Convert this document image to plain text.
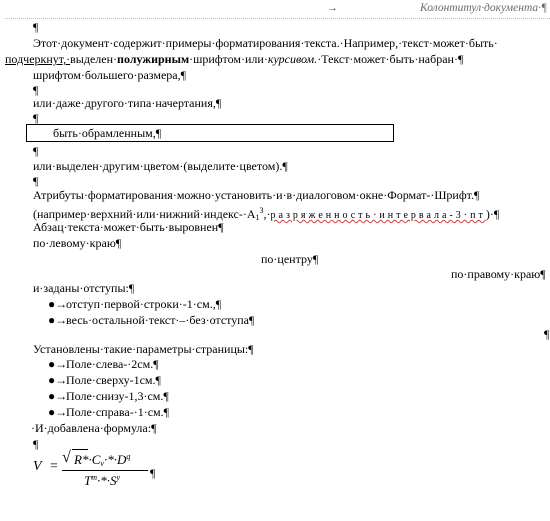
→	Колонтитул·документа·¶
¶
Этот·документ·содержит·примеры·форматирования·текста.·Например,·текст·может·быть·
подчеркнут,·выделен·полужирным·шрифтом·или·курсивом.·Текст·может·быть·набран·¶
шрифтом·большего·размера,¶
¶
или·даже·другого·типа·начертания,¶
¶
быть·обрамленным,¶
¶
или·выделен·другим·цветом·(выделите·цветом).¶
¶
Атрибуты·форматирования·можно·установить·и·в·диалоговом·окне·Формат-·Шрифт.¶
$(например\cdot верхний\cdot или\cdot нижний\cdot индекс-\cdot А_1^3,\cdot разряженность\cdot интервала-3\cdot пт)\cdot\P$
Абзац·текста·может·быть·выровнен¶
по·левому·краю¶
по·центру¶
по·правому·краю¶
и·заданы·отступы:¶
●→отступ·первой·строки·-1·см.,¶
●→весь·остальной·текст·–·без·отступа¶
¶
Установлены·такие·параметры·страницы:¶
●→Поле·слева-·2см.¶
●→Поле·сверху-1см.¶
●→Поле·снизу-1,3·см.¶
●→Поле·справа-·1·см.¶
·И·добавлена·формула:¶
¶
V =
√ $R*\cdot C_v\cdot*\cdot D^q$
$T^m\cdot*\cdot S^y$ ¶
